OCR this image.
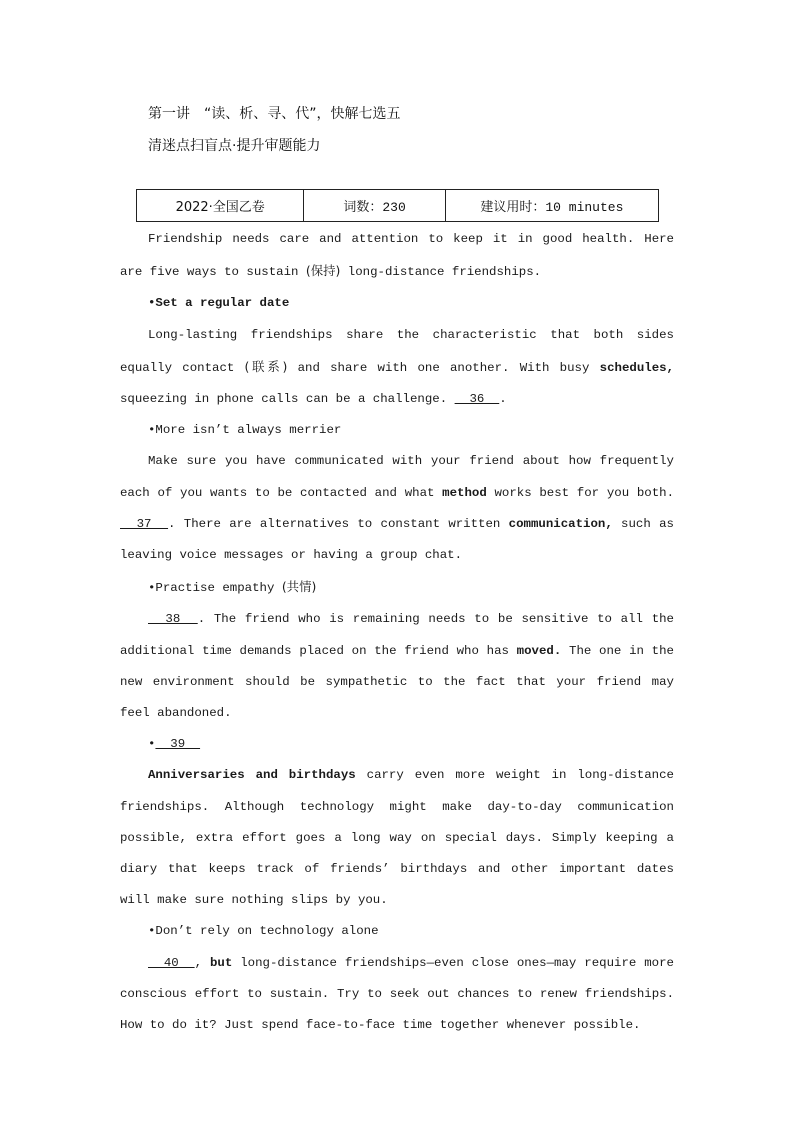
第一讲　“读、析、寻、代”，快解七选五
清迷点扫盲点·提升审题能力
2022·全国乙卷	词数：230	建议用时：10 minutes

Friendship needs care and attention to keep it in good health. Here are five ways to sustain (保持) long-distance friendships.

•Set a regular date

Long-lasting friendships share the characteristic that both sides equally contact (联系) and share with one another. With busy schedules, squeezing in phone calls can be a challenge.   36  .

•More isn’t always merrier

Make sure you have communicated with your friend about how frequently each of you wants to be contacted and what method works best for you both.   37  . There are alternatives to constant written communication, such as leaving voice messages or having a group chat.

•Practise empathy (共情)

38  . The friend who is remaining needs to be sensitive to all the additional time demands placed on the friend who has moved. The one in the new environment should be sympathetic to the fact that your friend may feel abandoned.

•  39

Anniversaries and birthdays carry even more weight in long-distance friendships. Although technology might make day-to-day communication possible, extra effort goes a long way on special days. Simply keeping a diary that keeps track of friends’ birthdays and other important dates will make sure nothing slips by you.

•Don’t rely on technology alone

40  , but long-distance friendships—even close ones—may require more conscious effort to sustain. Try to seek out chances to renew friendships. How to do it? Just spend face-to-face time together whenever possible.
